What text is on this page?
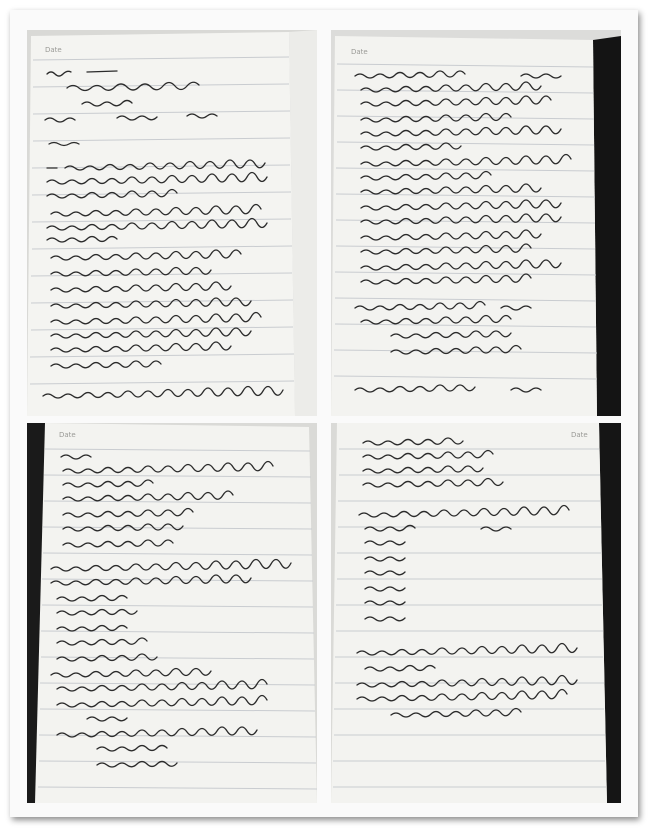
Date	Date
Date	Date
